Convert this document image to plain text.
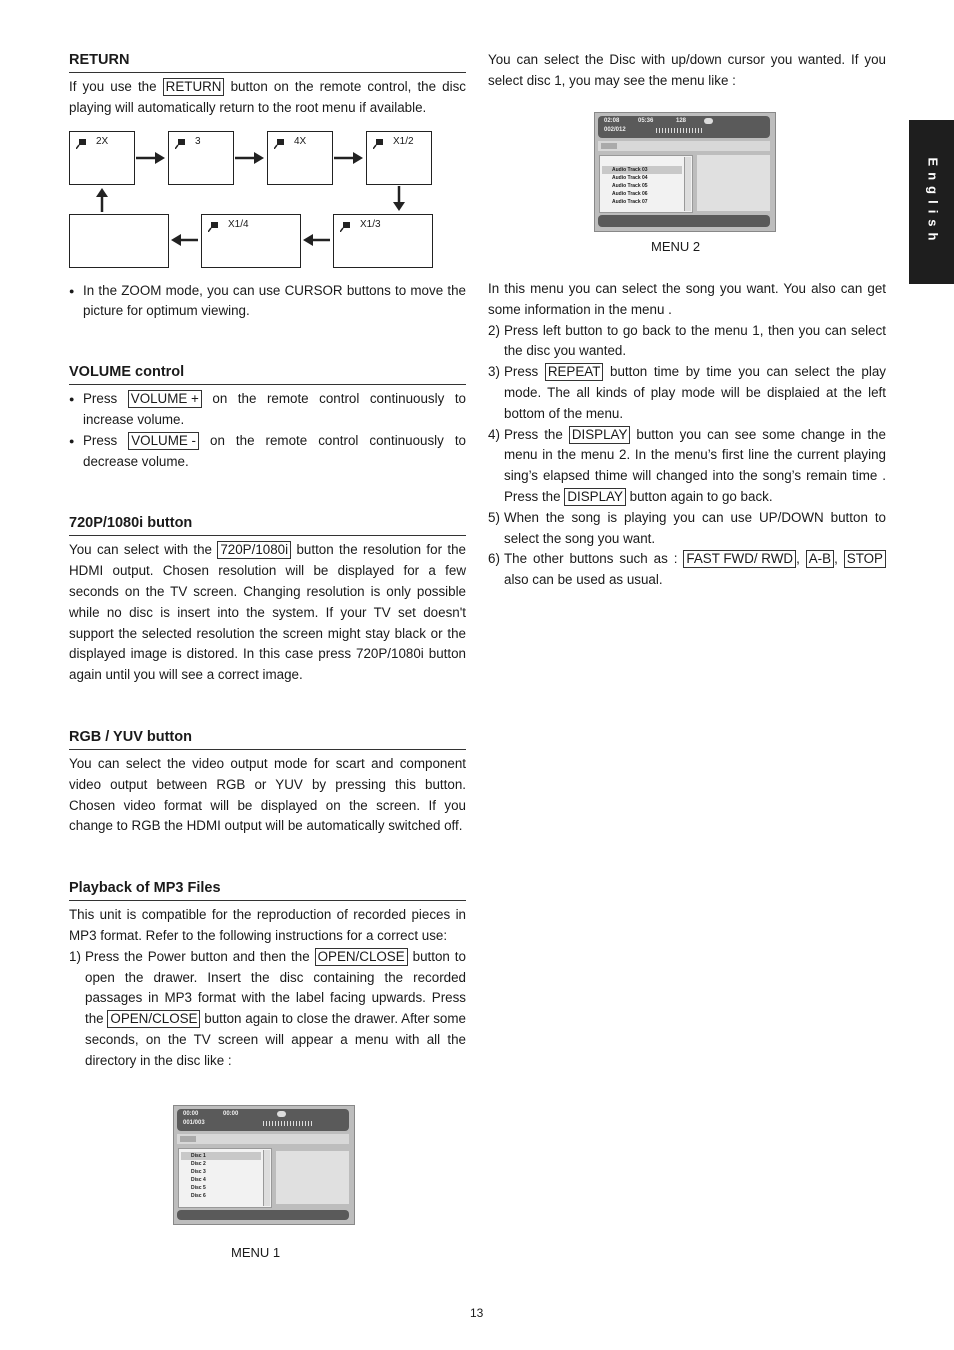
RETURN

If you use the RETURN button on the remote control, the disc playing will automatically return to the root menu if available.

2X	3	4X	X1/2
X1/3
X1/4

● In the ZOOM mode, you can use CURSOR buttons to move the picture for optimum viewing.

VOLUME control

● Press VOLUME + on the remote control continuously to increase volume.

● Press VOLUME - on the remote control continuously to decrease volume.

720P/1080i button

You can select with the 720P/1080i button the resolution for the HDMI output. Chosen resolution will be displayed for a few seconds on the TV screen. Changing resolution is only possible while no disc is insert into the system. If your TV set doesn't support the selected resolution the screen might stay black or the displayed image is distored. In this case press 720P/1080i button again until you will see a correct image.

RGB / YUV button

You can select the video output mode for scart and component video output between RGB or YUV by pressing this button. Chosen video format will be displayed on the screen. If you change to RGB the HDMI output will be automatically switched off.

Playback of MP3 Files

This unit is compatible for the reproduction of recorded pieces in MP3 format. Refer to the following instructions for a correct use:

1) Press the Power button and then the OPEN/CLOSE button to open the drawer. Insert the disc containing the recorded passages in MP3 format with the label facing upwards. Press the OPEN/CLOSE button again to close the drawer. After some seconds, on the TV screen will appear a menu with all the directory in the disc like :

00:00	00:00
001/003
Disc 1
Disc 2
Disc 3
Disc 4
Disc 5
Disc 6
MENU 1

You can select the Disc with up/down cursor you wanted. If you select disc 1, you may see the menu like :

02:08	05:36	128
002/012
Audio Track 03
Audio Track 04
Audio Track 05
Audio Track 06
Audio Track 07
MENU 2

In this menu you can select the song you want. You also can get some information in the menu .

2) Press left button to go back to the menu 1, then you can select the disc you wanted.

3) Press REPEAT button time by time you can select the play mode. The all kinds of play mode will be displaied at the left bottom of the menu.

4) Press the DISPLAY button you can see some change in the menu in the menu 2. In the menu’s first line the current playing sing’s elapsed thime will changed into the song’s remain time . Press the DISPLAY button again to go back.

5) When the song is playing you can use UP/DOWN button to select the song you want.

6) The other buttons such as : FAST FWD/ RWD , A-B , STOP also can be used as usual.

English
13
